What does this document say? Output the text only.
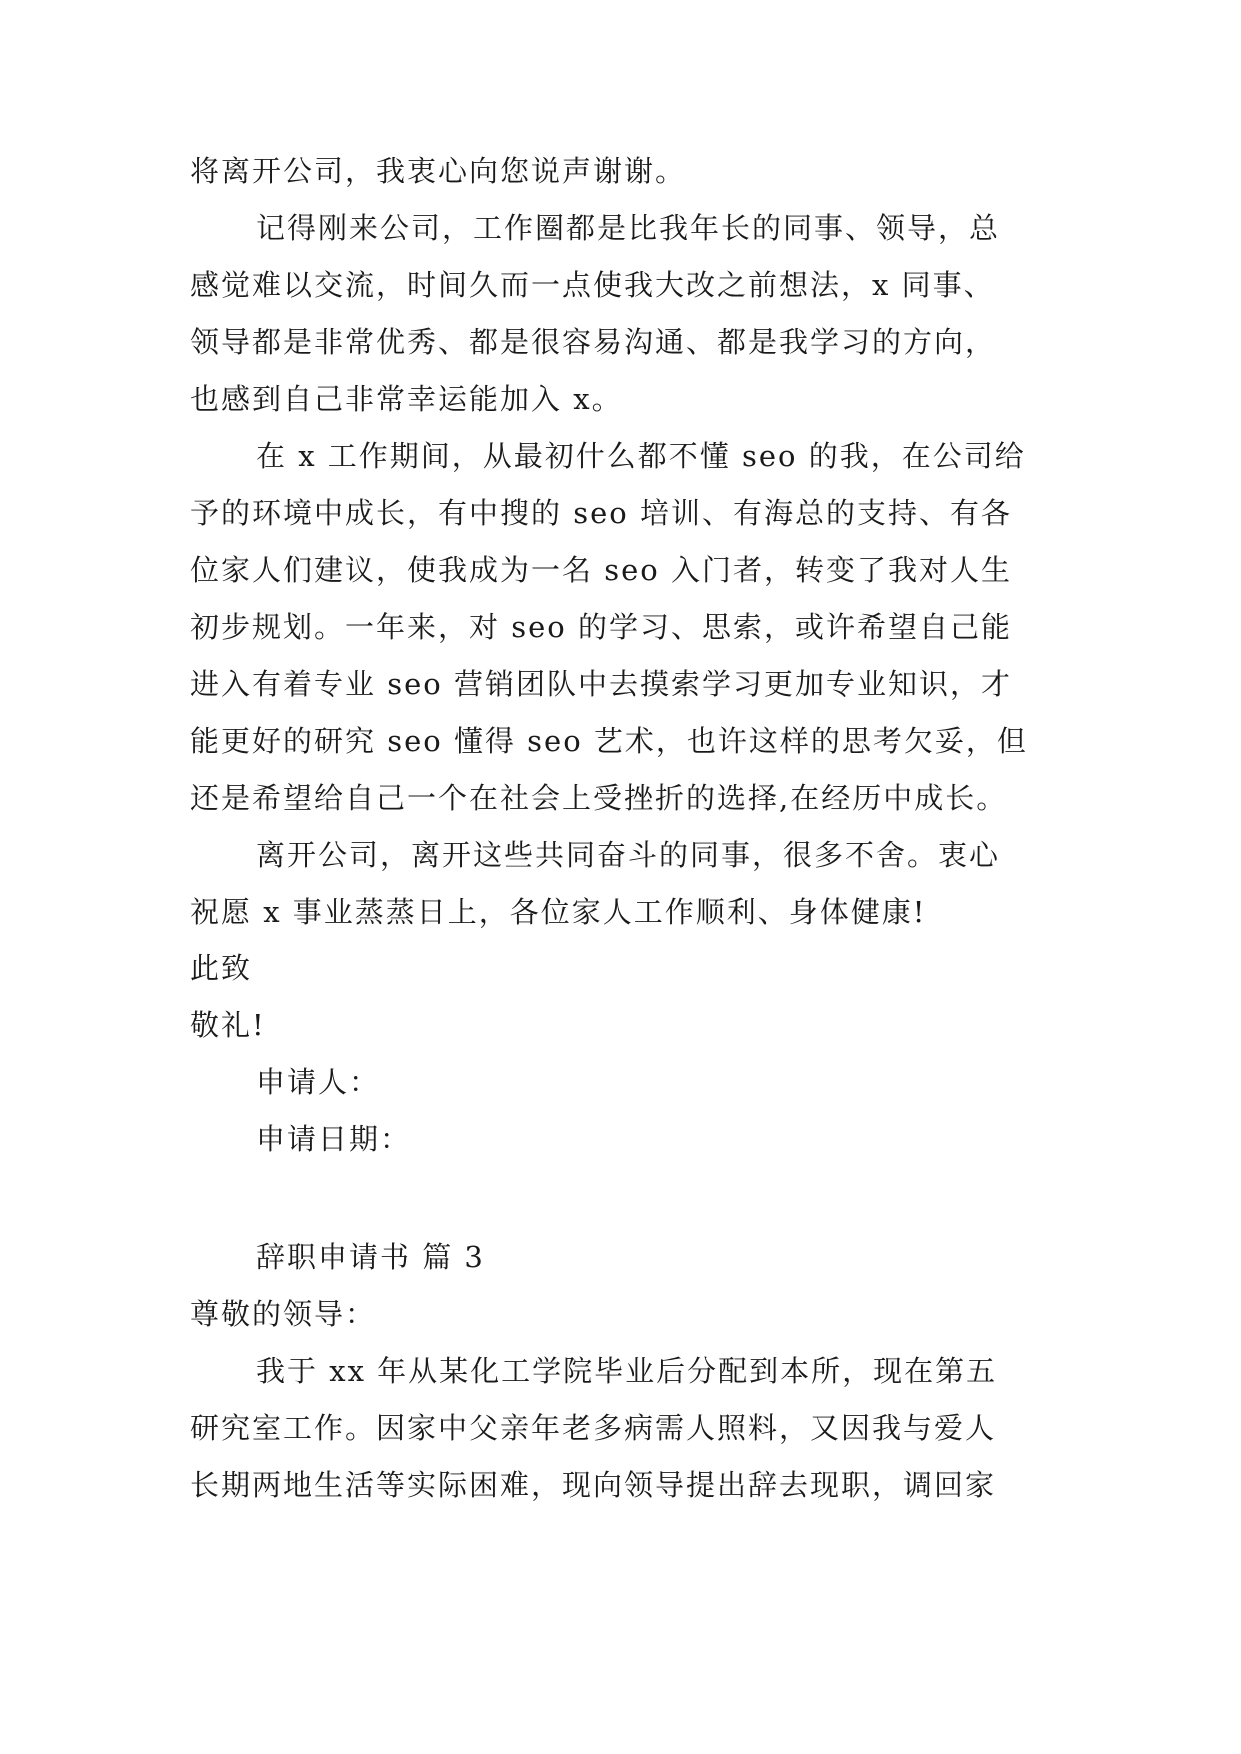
将离开公司，我衷心向您说声谢谢。
记得刚来公司，工作圈都是比我年长的同事、领导，总
感觉难以交流，时间久而一点使我大改之前想法，x 同事、
领导都是非常优秀、都是很容易沟通、都是我学习的方向，
也感到自己非常幸运能加入 x。
在 x 工作期间，从最初什么都不懂 seo 的我，在公司给
予的环境中成长，有中搜的 seo 培训、有海总的支持、有各
位家人们建议，使我成为一名 seo 入门者，转变了我对人生
初步规划。一年来，对 seo 的学习、思索，或许希望自己能
进入有着专业 seo 营销团队中去摸索学习更加专业知识，才
能更好的研究 seo 懂得 seo 艺术，也许这样的思考欠妥，但
还是希望给自己一个在社会上受挫折的选择,在经历中成长。
离开公司，离开这些共同奋斗的同事，很多不舍。衷心
祝愿 x 事业蒸蒸日上，各位家人工作顺利、身体健康!
此致
敬礼!
申请人：
申请日期：
辞职申请书 篇 3
尊敬的领导：
我于 xx 年从某化工学院毕业后分配到本所，现在第五
研究室工作。因家中父亲年老多病需人照料，又因我与爱人
长期两地生活等实际困难，现向领导提出辞去现职，调回家
